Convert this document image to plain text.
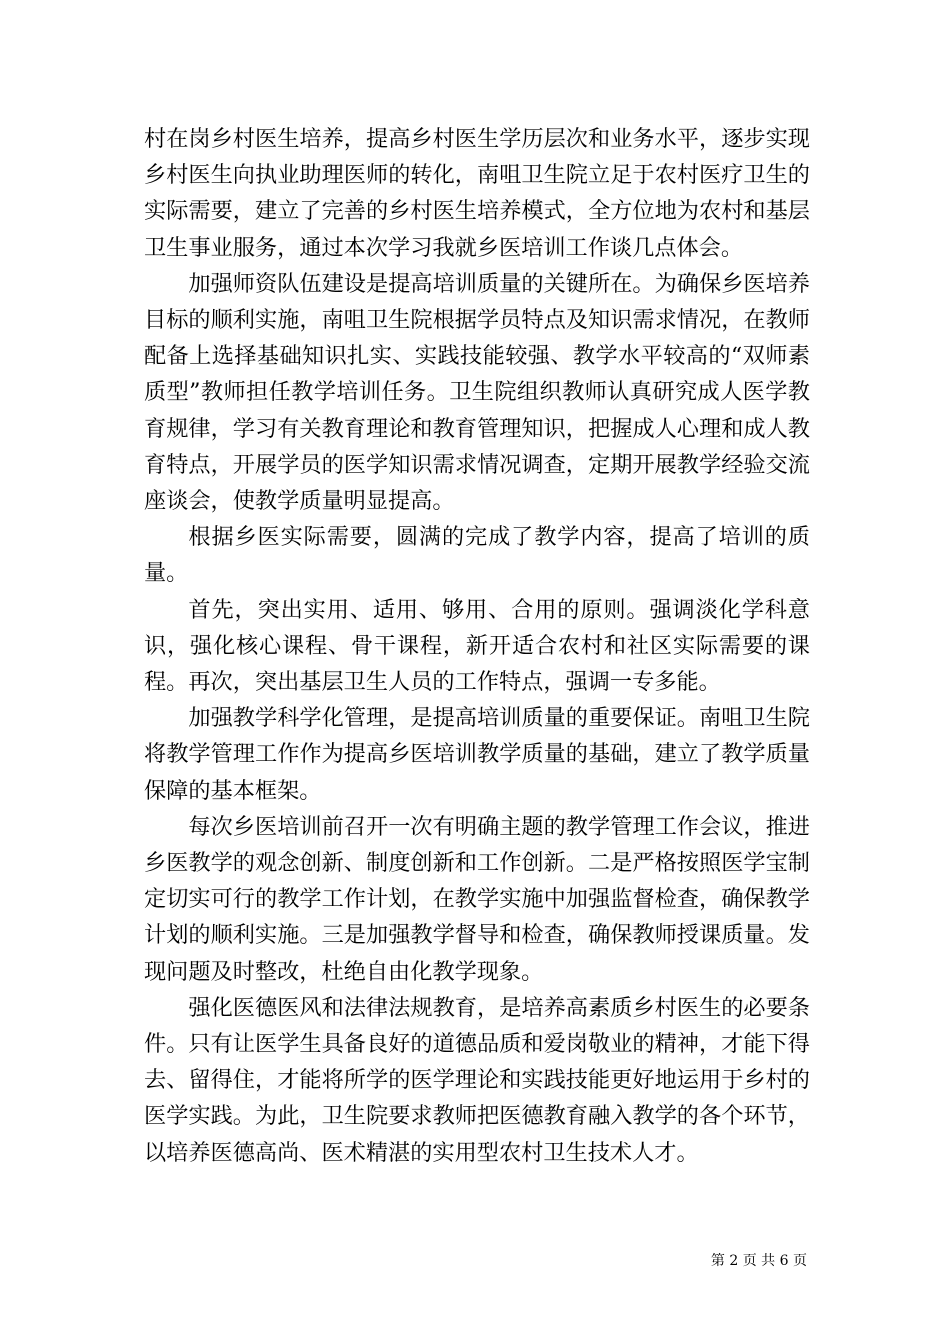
村在岗乡村医生培养，提高乡村医生学历层次和业务水平，逐步实现乡村医生向执业助理医师的转化，南咀卫生院立足于农村医疗卫生的实际需要，建立了完善的乡村医生培养模式，全方位地为农村和基层卫生事业服务，通过本次学习我就乡医培训工作谈几点体会。

加强师资队伍建设是提高培训质量的关键所在。为确保乡医培养目标的顺利实施，南咀卫生院根据学员特点及知识需求情况，在教师配备上选择基础知识扎实、实践技能较强、教学水平较高的“双师素质型”教师担任教学培训任务。卫生院组织教师认真研究成人医学教育规律，学习有关教育理论和教育管理知识，把握成人心理和成人教育特点，开展学员的医学知识需求情况调查，定期开展教学经验交流座谈会，使教学质量明显提高。

根据乡医实际需要，圆满的完成了教学内容，提高了培训的质量。

首先，突出实用、适用、够用、合用的原则。强调淡化学科意识，强化核心课程、骨干课程，新开适合农村和社区实际需要的课程。再次，突出基层卫生人员的工作特点，强调一专多能。

加强教学科学化管理，是提高培训质量的重要保证。南咀卫生院将教学管理工作作为提高乡医培训教学质量的基础，建立了教学质量保障的基本框架。

每次乡医培训前召开一次有明确主题的教学管理工作会议，推进乡医教学的观念创新、制度创新和工作创新。二是严格按照医学宝制定切实可行的教学工作计划，在教学实施中加强监督检查，确保教学计划的顺利实施。三是加强教学督导和检查，确保教师授课质量。发现问题及时整改，杜绝自由化教学现象。

强化医德医风和法律法规教育，是培养高素质乡村医生的必要条件。只有让医学生具备良好的道德品质和爱岗敬业的精神，才能下得去、留得住，才能将所学的医学理论和实践技能更好地运用于乡村的医学实践。为此，卫生院要求教师把医德教育融入教学的各个环节，以培养医德高尚、医术精湛的实用型农村卫生技术人才。

第 2 页 共 6 页
